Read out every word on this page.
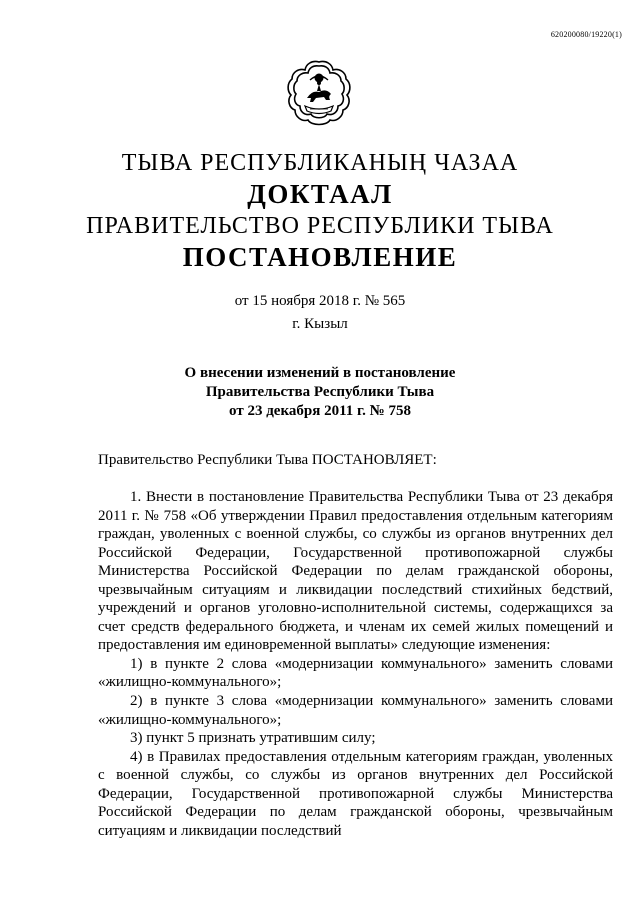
620200080/19220(1)
ТЫВА РЕСПУБЛИКАНЫҢ ЧАЗАА
ДОКТААЛ
ПРАВИТЕЛЬСТВО РЕСПУБЛИКИ ТЫВА
ПОСТАНОВЛЕНИЕ
от 15 ноября 2018 г. № 565
г. Кызыл
О внесении изменений в постановление
Правительства Республики Тыва
от 23 декабря 2011 г. № 758
Правительство Республики Тыва ПОСТАНОВЛЯЕТ:

1. Внести в постановление Правительства Республики Тыва от 23 декабря 2011 г. № 758 «Об утверждении Правил предоставления отдельным категориям граждан, уволенных с военной службы, со службы из органов внутренних дел Российской Федерации, Государственной противопожарной службы Министерства Российской Федерации по делам гражданской обороны, чрезвычайным ситуациям и ликвидации последствий стихийных бедствий, учреждений и органов уголовно-исполнительной системы, содержащихся за счет средств федерального бюджета, и членам их семей жилых помещений и предоставления им единовременной выплаты» следующие изменения:

1) в пункте 2 слова «модернизации коммунального» заменить словами «жилищно-коммунального»;

2) в пункте 3 слова «модернизации коммунального» заменить словами «жилищно-коммунального»;

3) пункт 5 признать утратившим силу;

4) в Правилах предоставления отдельным категориям граждан, уволенных с военной службы, со службы из органов внутренних дел Российской Федерации, Государственной противопожарной службы Министерства Российской Федерации по делам гражданской обороны, чрезвычайным ситуациям и ликвидации последствий
